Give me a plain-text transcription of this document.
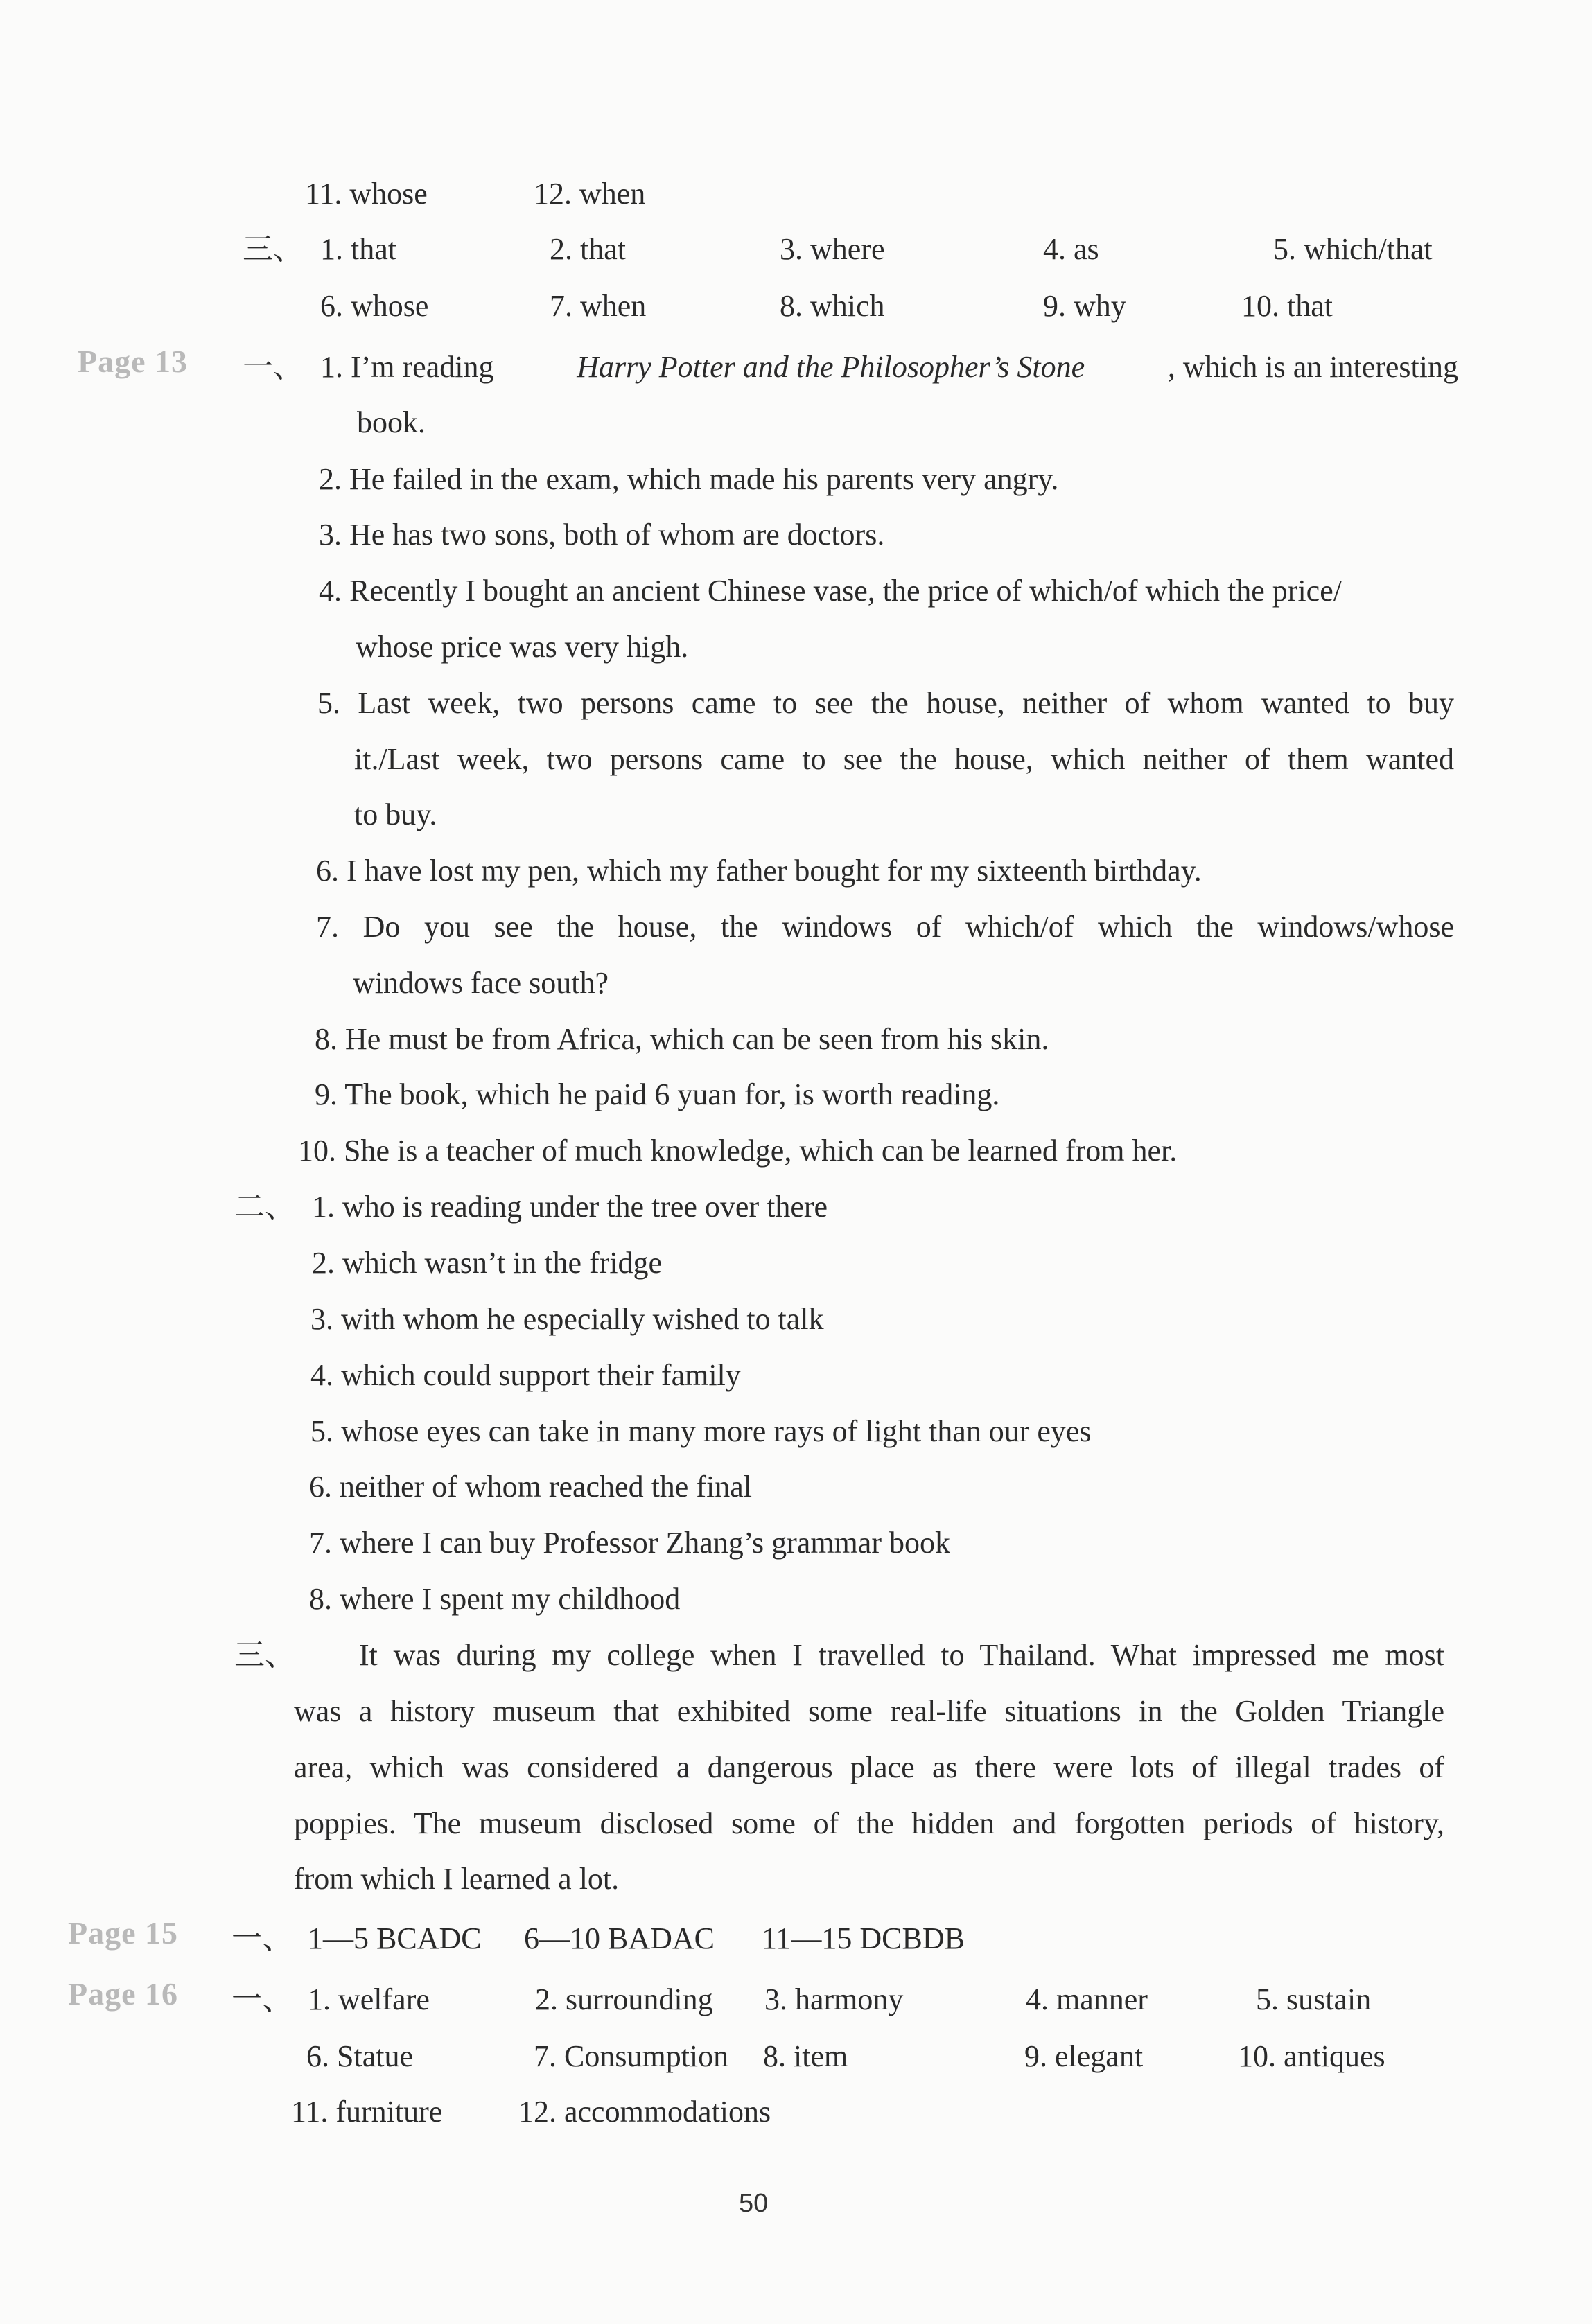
11. whose	12. when
三、 1. that	2. that	3. where	4. as	5. which/that
6. whose	7. when	8. which	9. why	10. that
Page 13 一、 1. I’m reading	Harry Potter and the Philosopher’s Stone	, which is an interesting
book.
2. He failed in the exam, which made his parents very angry.
3. He has two sons, both of whom are doctors.
4. Recently I bought an ancient Chinese vase, the price of which/of which the price/
whose price was very high.
5. Last week, two persons came to see the house, neither of whom wanted to buy
it./Last week, two persons came to see the house, which neither of them wanted
to buy.
6. I have lost my pen, which my father bought for my sixteenth birthday.
7. Do you see the house, the windows of which/of which the windows/whose
windows face south?
8. He must be from Africa, which can be seen from his skin.
9. The book, which he paid 6 yuan for, is worth reading.
10. She is a teacher of much knowledge, which can be learned from her.
二、 1. who is reading under the tree over there
2. which wasn’t in the fridge
3. with whom he especially wished to talk
4. which could support their family
5. whose eyes can take in many more rays of light than our eyes
6. neither of whom reached the final
7. where I can buy Professor Zhang’s grammar book
8. where I spent my childhood
三、 It was during my college when I travelled to Thailand. What impressed me most
was a history museum that exhibited some real-life situations in the Golden Triangle
area, which was considered a dangerous place as there were lots of illegal trades of
poppies. The museum disclosed some of the hidden and forgotten periods of history,
from which I learned a lot.
Page 15 一、 1—5 BCADC 6—10 BADAC 11—15 DCBDB
Page 16 一、 1. welfare	2. surrounding 3. harmony	4. manner	5. sustain
6. Statue	7. Consumption 8. item	9. elegant	10. antiques
11. furniture 12. accommodations
50
